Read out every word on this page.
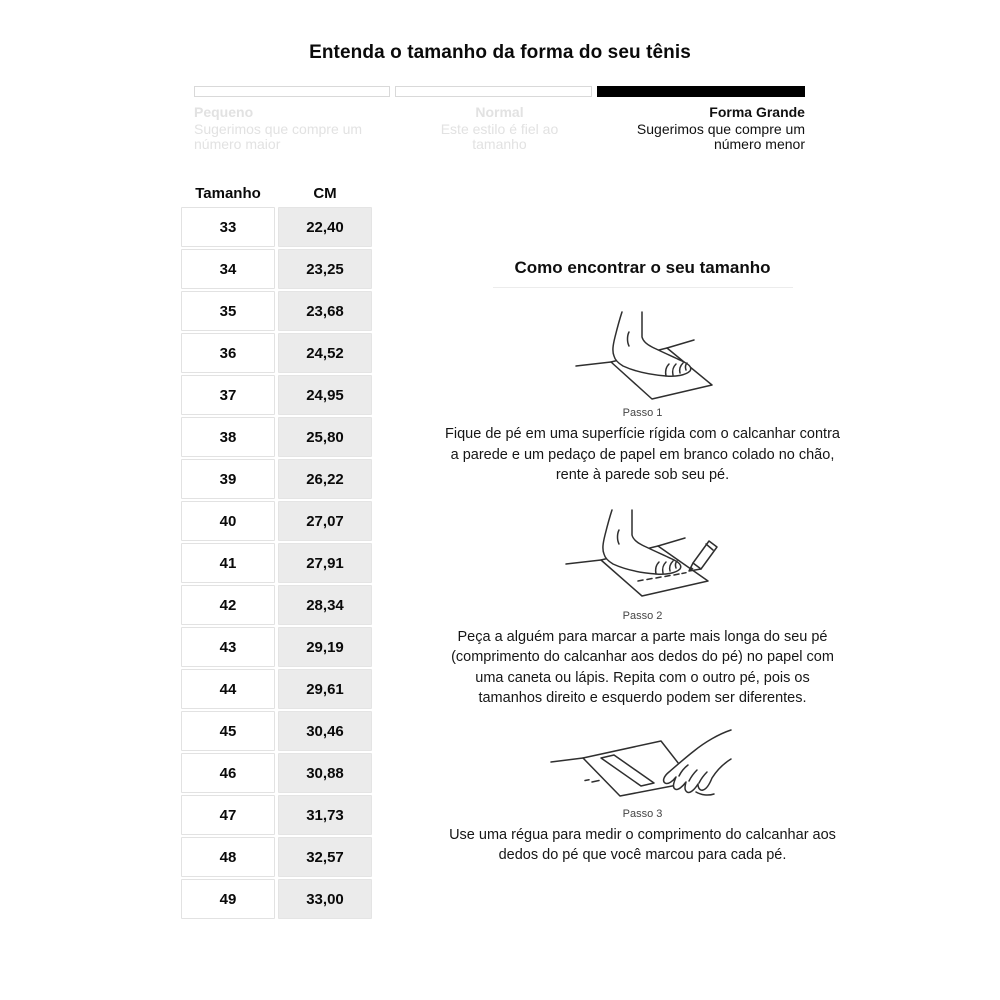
Entenda o tamanho da forma do seu tênis
Pequeno
Sugerimos que compre um número maior
Normal
Este estilo é fiel ao tamanho
Forma Grande
Sugerimos que compre um número menor
Tamanho	CM
33	22,40
34	23,25
35	23,68
36	24,52
37	24,95
38	25,80
39	26,22
40	27,07
41	27,91
42	28,34
43	29,19
44	29,61
45	30,46
46	30,88
47	31,73
48	32,57
49	33,00
Como encontrar o seu tamanho
Passo 1

Fique de pé em uma superfície rígida com o calcanhar contra a parede e um pedaço de papel em branco colado no chão, rente à parede sob seu pé.

Passo 2

Peça a alguém para marcar a parte mais longa do seu pé (comprimento do calcanhar aos dedos do pé) no papel com uma caneta ou lápis. Repita com o outro pé, pois os tamanhos direito e esquerdo podem ser diferentes.

Passo 3

Use uma régua para medir o comprimento do calcanhar aos dedos do pé que você marcou para cada pé.
